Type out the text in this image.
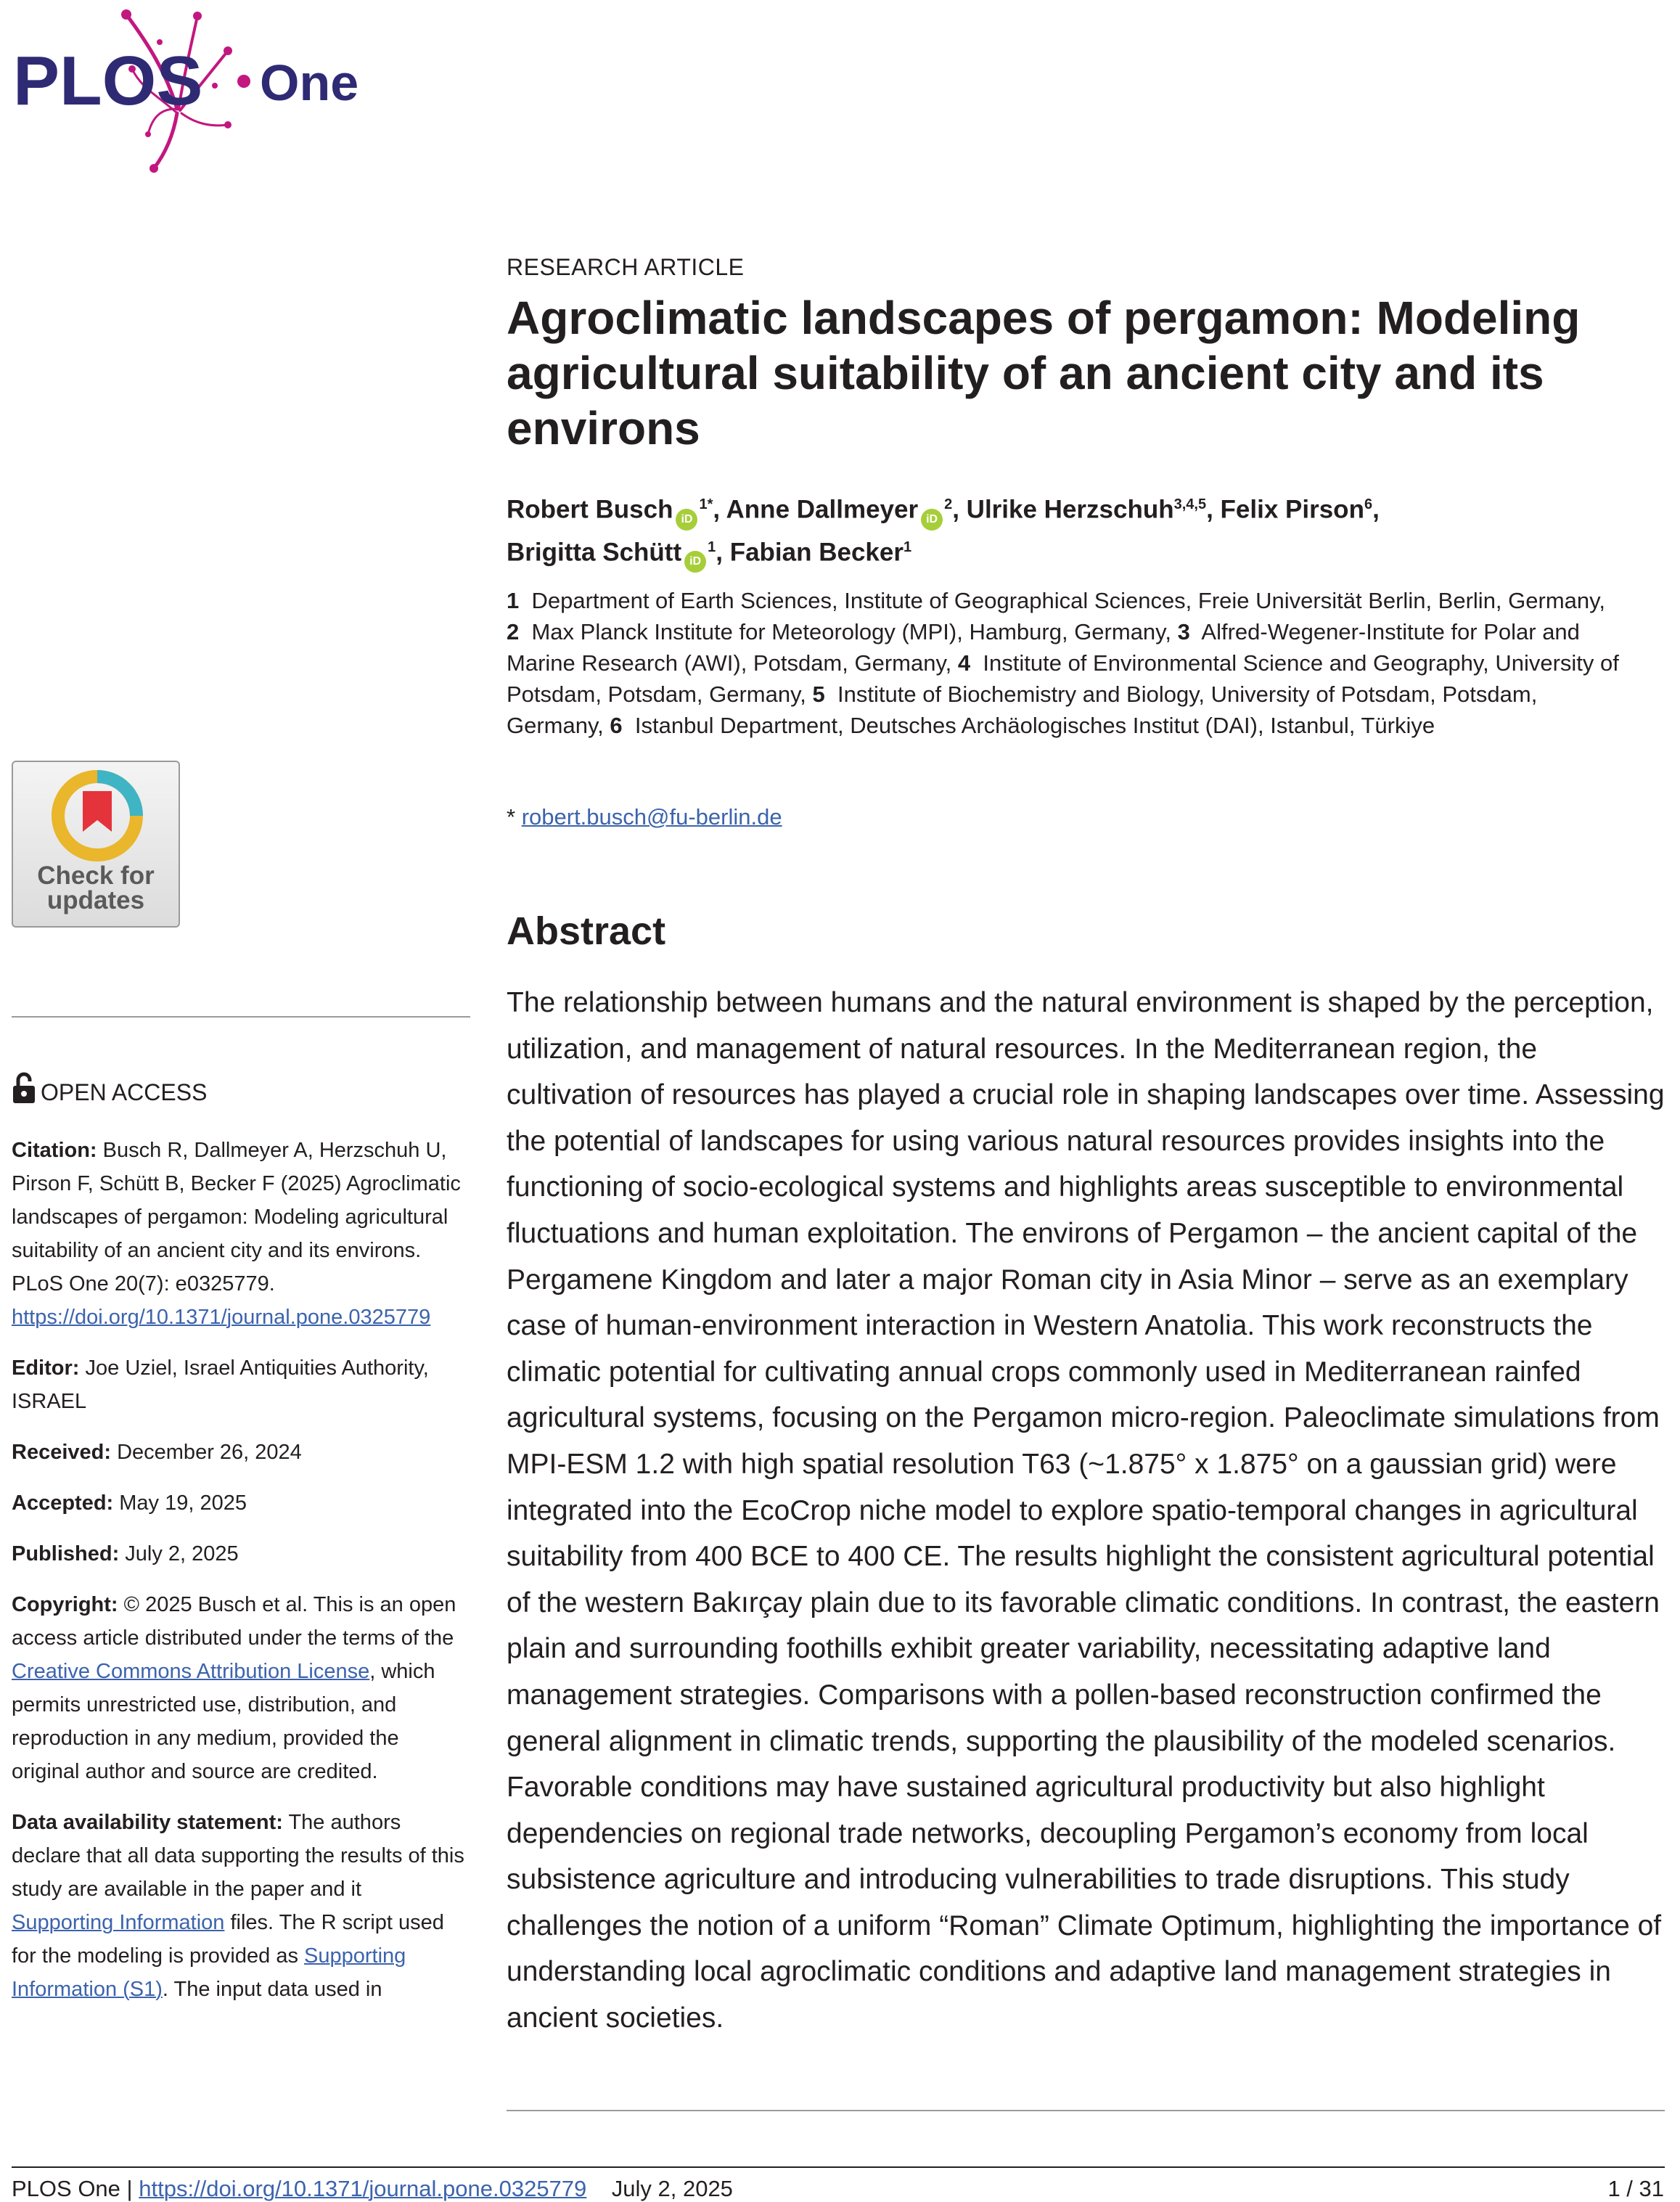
PLOS One
RESEARCH ARTICLE
Agroclimatic landscapes of pergamon: Modeling agricultural suitability of an ancient city and its environs
Robert Busch $iD^{1*}$, Anne Dallmeyer $iD^2$, Ulrike Herzschuh$^{3,4,5}$, Felix Pirson$^6$,
Brigitta Schütt $iD^1$, Fabian Becker$^1$
1 Department of Earth Sciences, Institute of Geographical Sciences, Freie Universität Berlin, Berlin, Germany, 2 Max Planck Institute for Meteorology (MPI), Hamburg, Germany, 3 Alfred-Wegener-Institute for Polar and Marine Research (AWI), Potsdam, Germany, 4 Institute of Environmental Science and Geography, University of Potsdam, Potsdam, Germany, 5 Institute of Biochemistry and Biology, University of Potsdam, Potsdam, Germany, 6 Istanbul Department, Deutsches Archäologisches Institut (DAI), Istanbul, Türkiye
* robert.busch@fu-berlin.de
Abstract
The relationship between humans and the natural environment is shaped by the perception, utilization, and management of natural resources. In the Mediterranean region, the cultivation of resources has played a crucial role in shaping landscapes over time. Assessing the potential of landscapes for using various natural resources provides insights into the functioning of socio-ecological systems and highlights areas susceptible to environmental fluctuations and human exploitation. The environs of Pergamon – the ancient capital of the Pergamene Kingdom and later a major Roman city in Asia Minor – serve as an exemplary case of human-environment interaction in Western Anatolia. This work reconstructs the climatic potential for cultivating annual crops commonly used in Mediterranean rainfed agricultural systems, focusing on the Pergamon micro-region. Paleoclimate simulations from MPI-ESM 1.2 with high spatial resolution T63 (~1.875° x 1.875° on a gaussian grid) were integrated into the EcoCrop niche model to explore spatio-temporal changes in agricultural suitability from 400 BCE to 400 CE. The results highlight the consistent agricultural potential of the western Bakırçay plain due to its favorable climatic conditions. In contrast, the eastern plain and surrounding foothills exhibit greater variability, necessitating adaptive land management strategies. Comparisons with a pollen-based reconstruction confirmed the general alignment in climatic trends, supporting the plausibility of the modeled scenarios. Favorable conditions may have sustained agricultural productivity but also highlight dependencies on regional trade networks, decoupling Pergamon’s economy from local subsistence agriculture and introducing vulnerabilities to trade disruptions. This study challenges the notion of a uniform “Roman” Climate Optimum, highlighting the importance of understanding local agroclimatic conditions and adaptive land management strategies in ancient societies.
Check for
updates
OPEN ACCESS

Citation: Busch R, Dallmeyer A, Herzschuh U, Pirson F, Schütt B, Becker F (2025) Agroclimatic landscapes of pergamon: Modeling agricultural suitability of an ancient city and its environs. PLoS One 20(7): e0325779. https://doi.org/10.1371/journal.pone.0325779

Editor: Joe Uziel, Israel Antiquities Authority, ISRAEL

Received: December 26, 2024

Accepted: May 19, 2025

Published: July 2, 2025

Copyright: © 2025 Busch et al. This is an open access article distributed under the terms of the Creative Commons Attribution License, which permits unrestricted use, distribution, and reproduction in any medium, provided the original author and source are credited.

Data availability statement: The authors declare that all data supporting the results of this study are available in the paper and it Supporting Information files. The R script used for the modeling is provided as Supporting Information (S1). The input data used in

PLOS One | https://doi.org/10.1371/journal.pone.0325779 July 2, 2025	1 / 31
